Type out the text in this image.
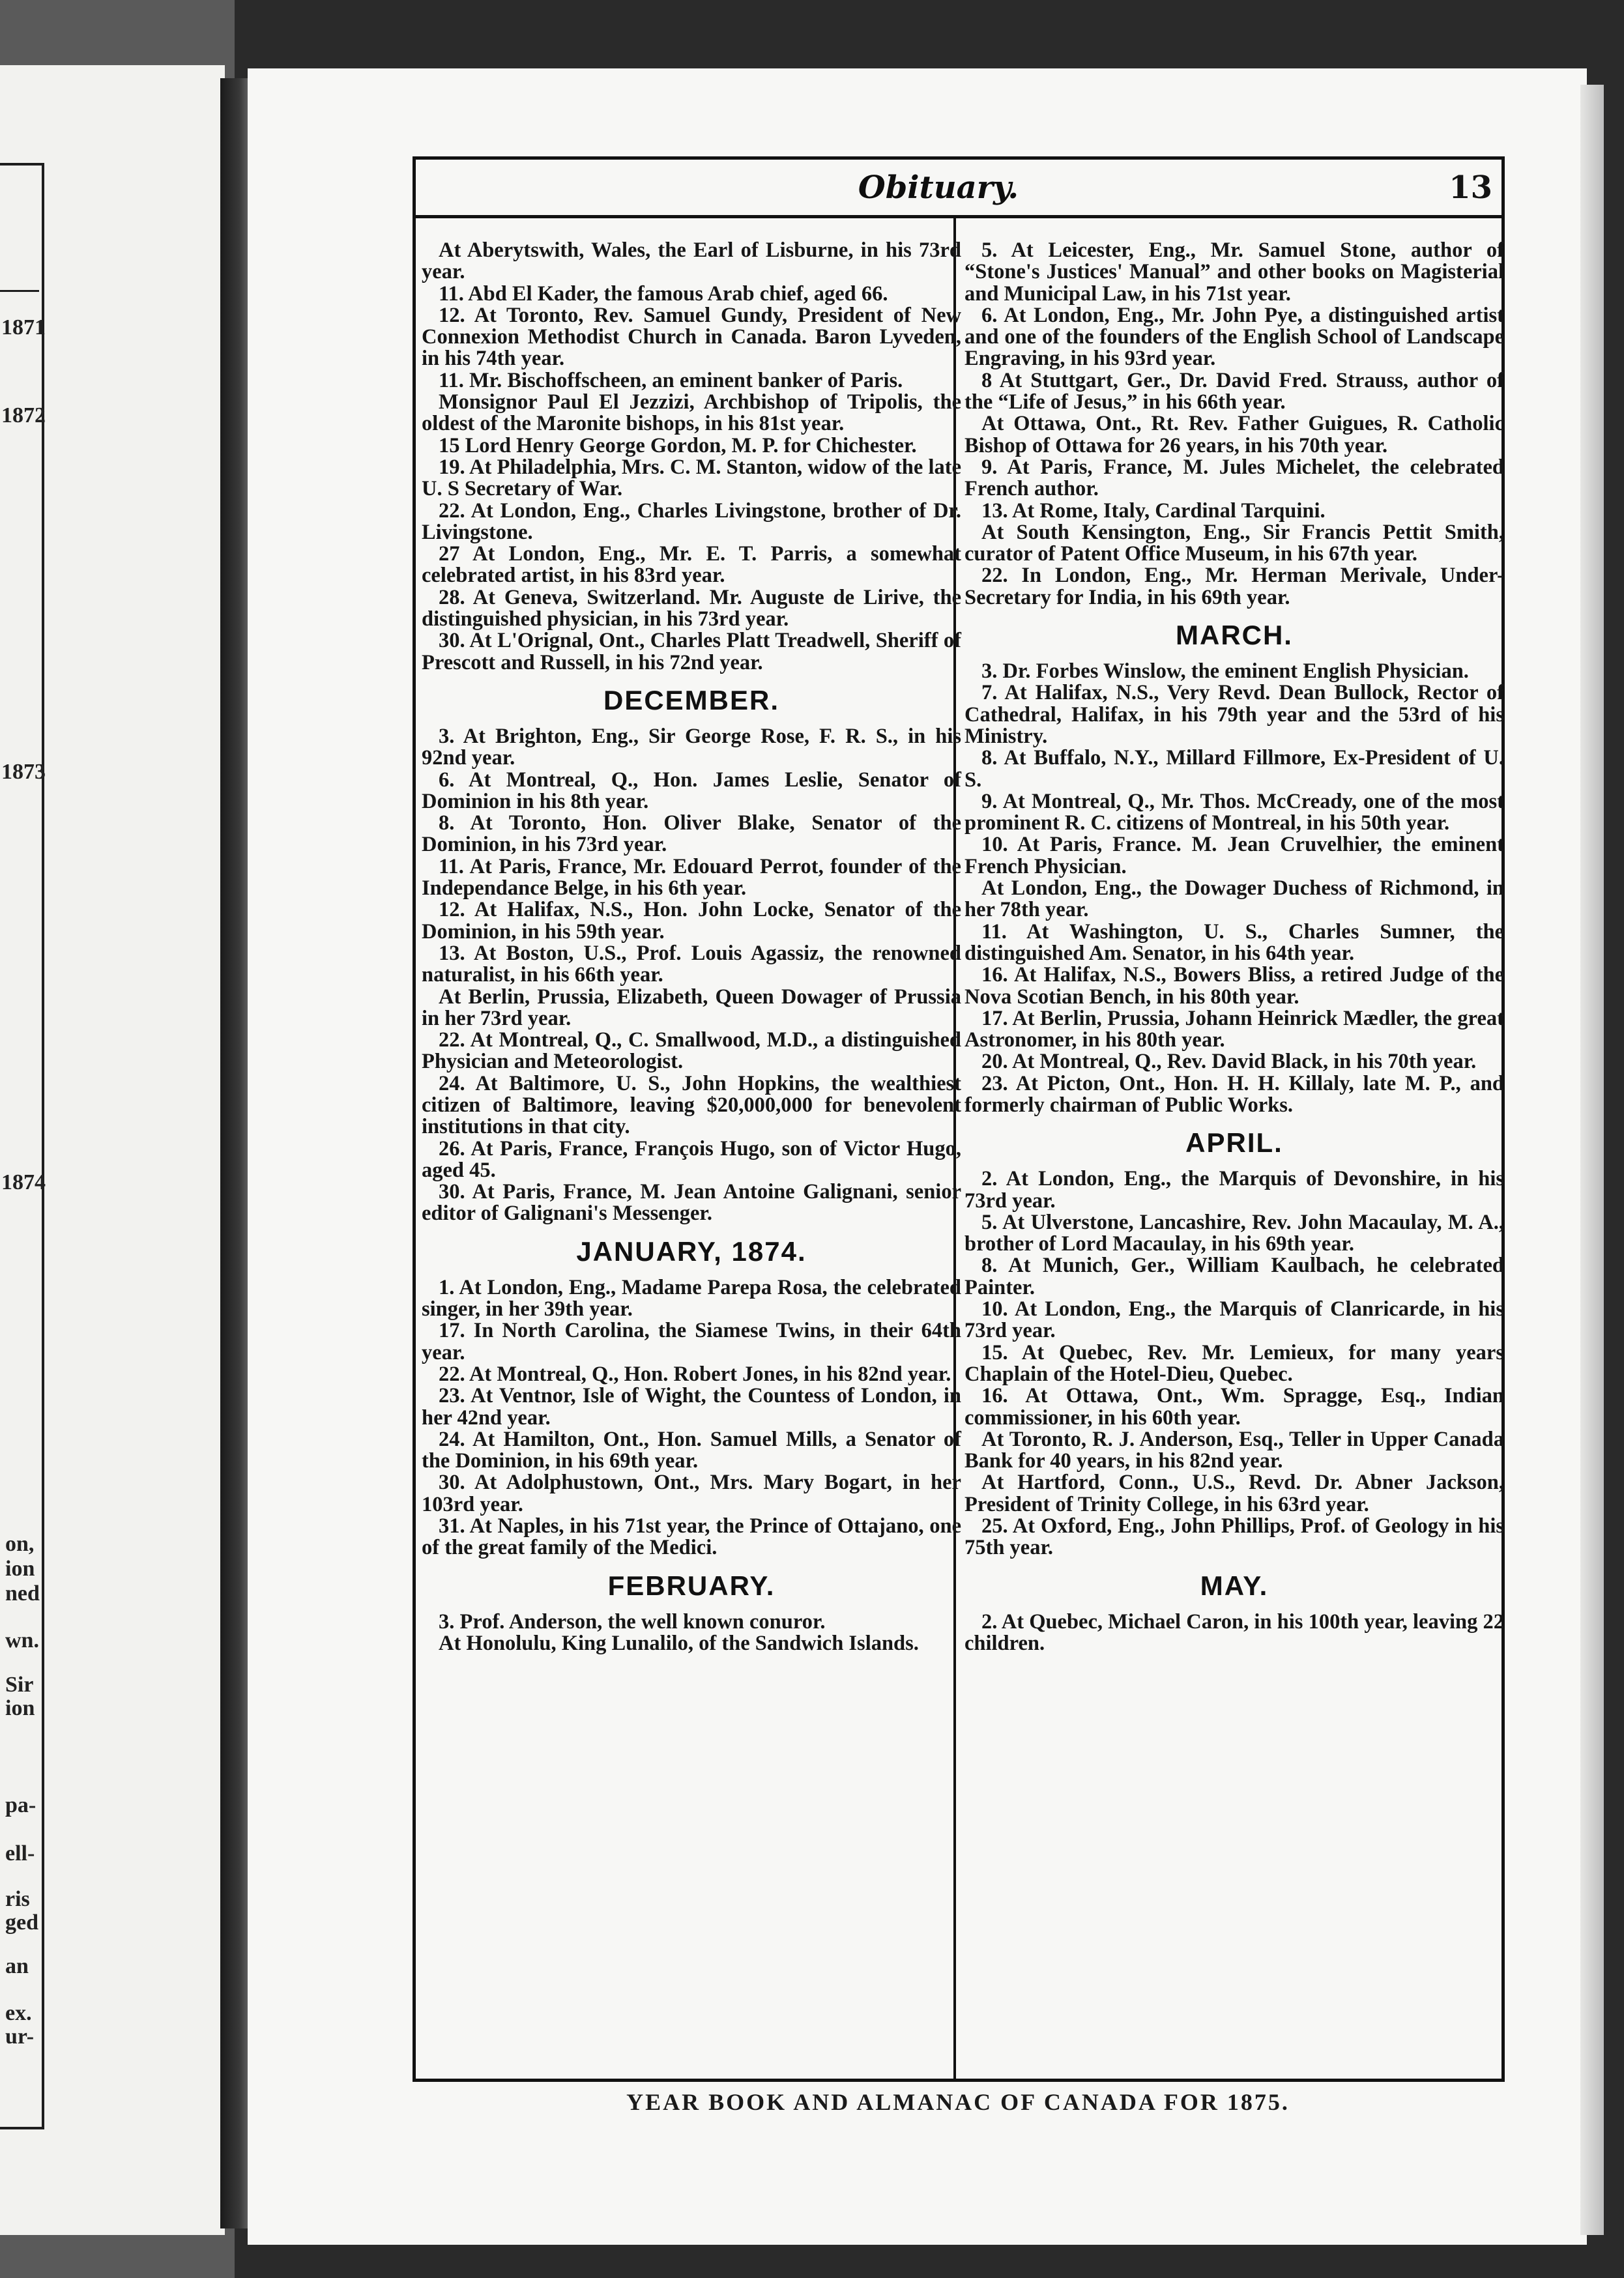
1871
1872
1873
1874
on,
ion
ned
wn.
Sir
ion
pa-
ell-
ris
ged
an
ex.
ur-
Obituary.	13

At Aberytswith, Wales, the Earl of Lisburne, in his 73rd year.

11. Abd El Kader, the famous Arab chief, aged 66.

12. At Toronto, Rev. Samuel Gundy, President of New Connexion Methodist Church in Canada. Baron Lyveden, in his 74th year.

11. Mr. Bischoffscheen, an eminent banker of Paris.

Monsignor Paul El Jezzizi, Archbishop of Tripolis, the oldest of the Maronite bishops, in his 81st year.

15 Lord Henry George Gordon, M. P. for Chichester.

19. At Philadelphia, Mrs. C. M. Stanton, widow of the late U. S Secretary of War.

22. At London, Eng., Charles Livingstone, brother of Dr. Livingstone.

27 At London, Eng., Mr. E. T. Parris, a somewhat celebrated artist, in his 83rd year.

28. At Geneva, Switzerland. Mr. Auguste de Lirive, the distinguished physician, in his 73rd year.

30. At L'Orignal, Ont., Charles Platt Treadwell, Sheriff of Prescott and Russell, in his 72nd year.

DECEMBER.

3. At Brighton, Eng., Sir George Rose, F. R. S., in his 92nd year.

6. At Montreal, Q., Hon. James Leslie, Senator of Dominion in his 8th year.

8. At Toronto, Hon. Oliver Blake, Senator of the Dominion, in his 73rd year.

11. At Paris, France, Mr. Edouard Perrot, founder of the Independance Belge, in his 6th year.

12. At Halifax, N.S., Hon. John Locke, Senator of the Dominion, in his 59th year.

13. At Boston, U.S., Prof. Louis Agassiz, the renowned naturalist, in his 66th year.

At Berlin, Prussia, Elizabeth, Queen Dowager of Prussia in her 73rd year.

22. At Montreal, Q., C. Smallwood, M.D., a distinguished Physician and Meteorologist.

24. At Baltimore, U. S., John Hopkins, the wealthiest citizen of Baltimore, leaving $20,000,000 for benevolent institutions in that city.

26. At Paris, France, François Hugo, son of Victor Hugo, aged 45.

30. At Paris, France, M. Jean Antoine Galignani, senior editor of Galignani's Messenger.

JANUARY, 1874.

1. At London, Eng., Madame Parepa Rosa, the celebrated singer, in her 39th year.

17. In North Carolina, the Siamese Twins, in their 64th year.

22. At Montreal, Q., Hon. Robert Jones, in his 82nd year.

23. At Ventnor, Isle of Wight, the Countess of London, in her 42nd year.

24. At Hamilton, Ont., Hon. Samuel Mills, a Senator of the Dominion, in his 69th year.

30. At Adolphustown, Ont., Mrs. Mary Bogart, in her 103rd year.

31. At Naples, in his 71st year, the Prince of Ottajano, one of the great family of the Medici.

FEBRUARY.

3. Prof. Anderson, the well known conuror.

At Honolulu, King Lunalilo, of the Sandwich Islands.

5. At Leicester, Eng., Mr. Samuel Stone, author of “Stone's Justices' Manual” and other books on Magisterial and Municipal Law, in his 71st year.

6. At London, Eng., Mr. John Pye, a distinguished artist and one of the founders of the English School of Landscape Engraving, in his 93rd year.

8 At Stuttgart, Ger., Dr. David Fred. Strauss, author of the “Life of Jesus,” in his 66th year.

At Ottawa, Ont., Rt. Rev. Father Guigues, R. Catholic Bishop of Ottawa for 26 years, in his 70th year.

9. At Paris, France, M. Jules Michelet, the celebrated French author.

13. At Rome, Italy, Cardinal Tarquini.

At South Kensington, Eng., Sir Francis Pettit Smith, curator of Patent Office Museum, in his 67th year.

22. In London, Eng., Mr. Herman Merivale, Under-Secretary for India, in his 69th year.

MARCH.

3. Dr. Forbes Winslow, the eminent English Physician.

7. At Halifax, N.S., Very Revd. Dean Bullock, Rector of Cathedral, Halifax, in his 79th year and the 53rd of his Ministry.

8. At Buffalo, N.Y., Millard Fillmore, Ex-President of U. S.

9. At Montreal, Q., Mr. Thos. McCready, one of the most prominent R. C. citizens of Montreal, in his 50th year.

10. At Paris, France. M. Jean Cruvelhier, the eminent French Physician.

At London, Eng., the Dowager Duchess of Richmond, in her 78th year.

11. At Washington, U. S., Charles Sumner, the distinguished Am. Senator, in his 64th year.

16. At Halifax, N.S., Bowers Bliss, a retired Judge of the Nova Scotian Bench, in his 80th year.

17. At Berlin, Prussia, Johann Heinrick Mædler, the great Astronomer, in his 80th year.

20. At Montreal, Q., Rev. David Black, in his 70th year.

23. At Picton, Ont., Hon. H. H. Killaly, late M. P., and formerly chairman of Public Works.

APRIL.

2. At London, Eng., the Marquis of Devonshire, in his 73rd year.

5. At Ulverstone, Lancashire, Rev. John Macaulay, M. A., brother of Lord Macaulay, in his 69th year.

8. At Munich, Ger., William Kaulbach, he celebrated Painter.

10. At London, Eng., the Marquis of Clanricarde, in his 73rd year.

15. At Quebec, Rev. Mr. Lemieux, for many years Chaplain of the Hotel-Dieu, Quebec.

16. At Ottawa, Ont., Wm. Spragge, Esq., Indian commissioner, in his 60th year.

At Toronto, R. J. Anderson, Esq., Teller in Upper Canada Bank for 40 years, in his 82nd year.

At Hartford, Conn., U.S., Revd. Dr. Abner Jackson, President of Trinity College, in his 63rd year.

25. At Oxford, Eng., John Phillips, Prof. of Geology in his 75th year.

MAY.

2. At Quebec, Michael Caron, in his 100th year, leaving 22 children.

YEAR BOOK AND ALMANAC OF CANADA FOR 1875.
